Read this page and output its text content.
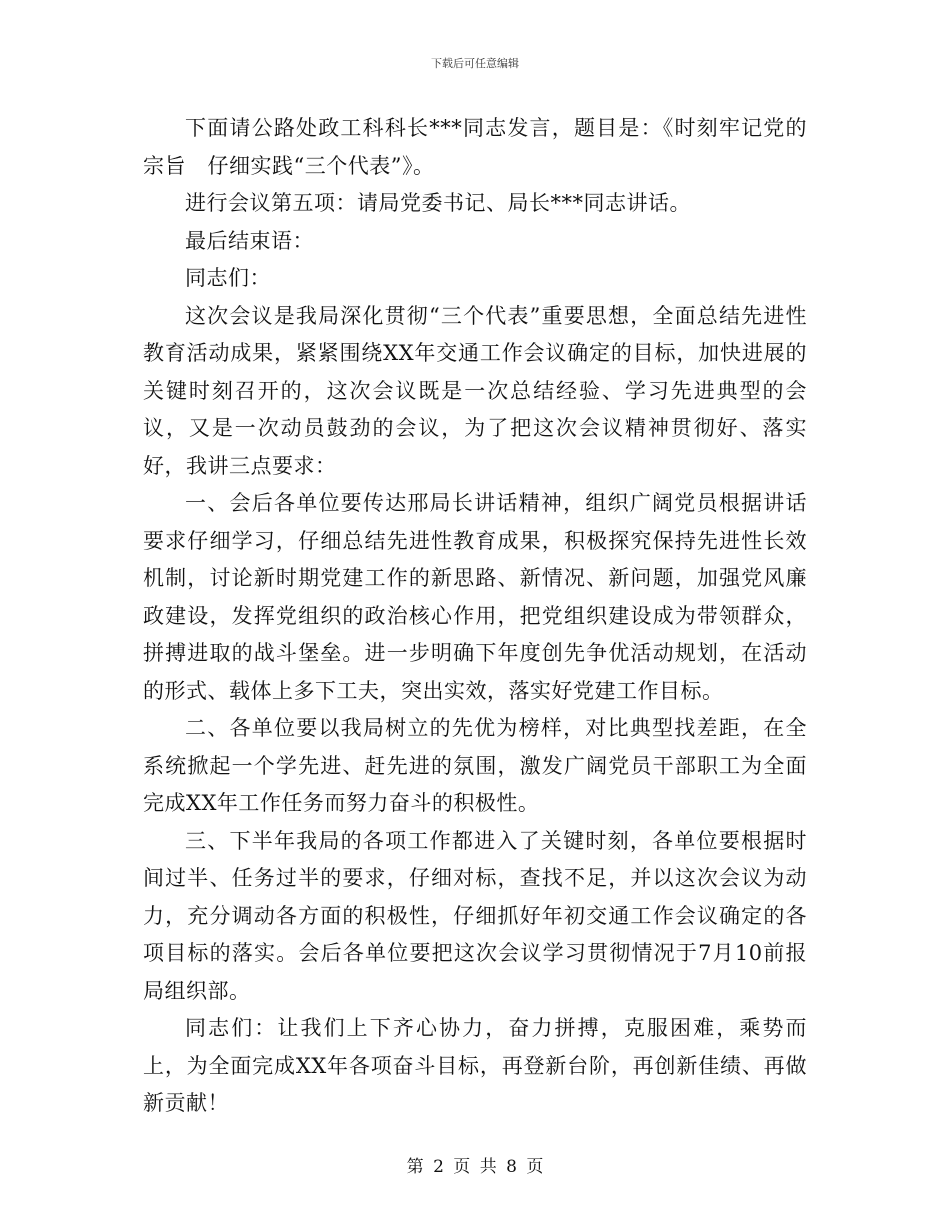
下载后可任意编辑

下面请公路处政工科科长***同志发言，题目是：《时刻牢记党的宗旨　仔细实践“三个代表”》。

进行会议第五项：请局党委书记、局长***同志讲话。

最后结束语：

同志们：

这次会议是我局深化贯彻“三个代表”重要思想，全面总结先进性教育活动成果，紧紧围绕XX年交通工作会议确定的目标，加快进展的关键时刻召开的，这次会议既是一次总结经验、学习先进典型的会议，又是一次动员鼓劲的会议，为了把这次会议精神贯彻好、落实好，我讲三点要求：

一、会后各单位要传达邢局长讲话精神，组织广阔党员根据讲话要求仔细学习，仔细总结先进性教育成果，积极探究保持先进性长效机制，讨论新时期党建工作的新思路、新情况、新问题，加强党风廉政建设，发挥党组织的政治核心作用，把党组织建设成为带领群众，拼搏进取的战斗堡垒。进一步明确下年度创先争优活动规划，在活动的形式、载体上多下工夫，突出实效，落实好党建工作目标。

二、各单位要以我局树立的先优为榜样，对比典型找差距，在全系统掀起一个学先进、赶先进的氛围，激发广阔党员干部职工为全面完成XX年工作任务而努力奋斗的积极性。

三、下半年我局的各项工作都进入了关键时刻，各单位要根据时间过半、任务过半的要求，仔细对标，查找不足，并以这次会议为动力，充分调动各方面的积极性，仔细抓好年初交通工作会议确定的各项目标的落实。会后各单位要把这次会议学习贯彻情况于7月10前报局组织部。

同志们：让我们上下齐心协力，奋力拼搏，克服困难，乘势而上，为全面完成XX年各项奋斗目标，再登新台阶，再创新佳绩、再做新贡献！

第 2 页 共 8 页
